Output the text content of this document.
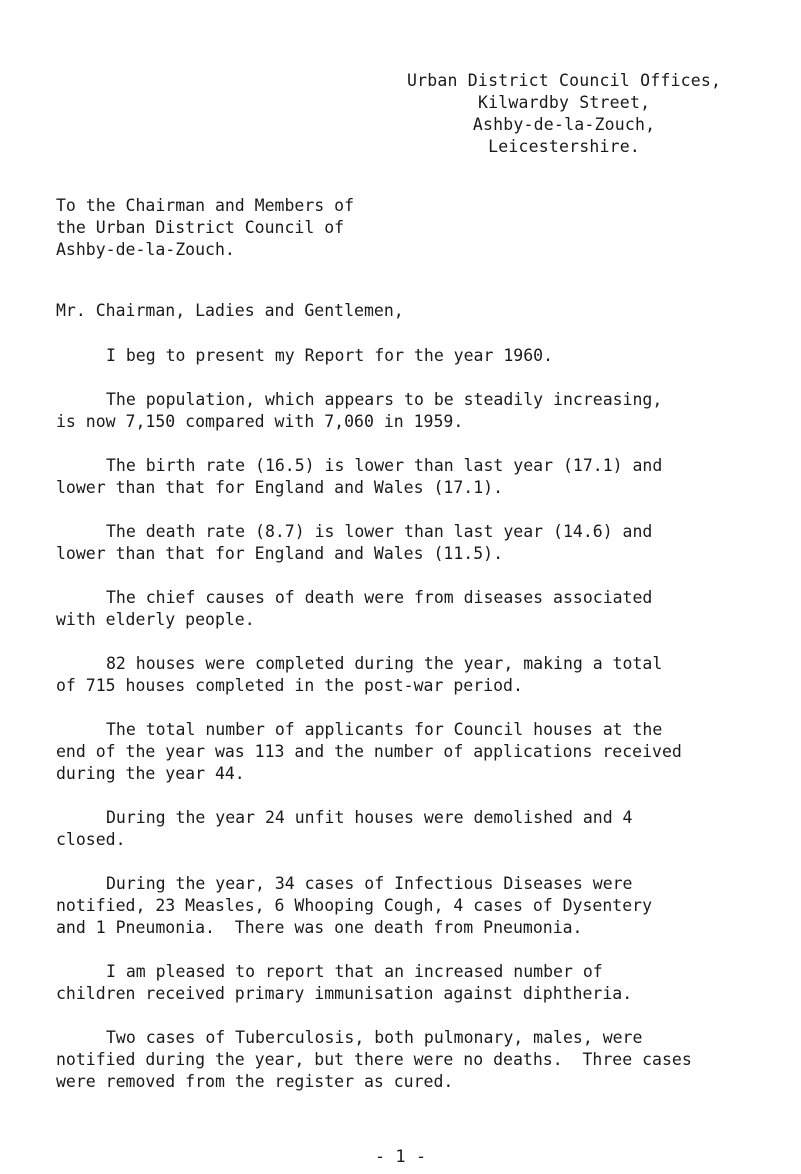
Urban District Council Offices,
Kilwardby Street,
Ashby-de-la-Zouch,
Leicestershire.
To the Chairman and Members of
the Urban District Council of
Ashby-de-la-Zouch.
Mr. Chairman, Ladies and Gentlemen,
I beg to present my Report for the year 1960.
The population, which appears to be steadily increasing,
is now 7,150 compared with 7,060 in 1959.
The birth rate (16.5) is lower than last year (17.1) and
lower than that for England and Wales (17.1).
The death rate (8.7) is lower than last year (14.6) and
lower than that for England and Wales (11.5).
The chief causes of death were from diseases associated
with elderly people.
82 houses were completed during the year, making a total
of 715 houses completed in the post-war period.
The total number of applicants for Council houses at the
end of the year was 113 and the number of applications received
during the year 44.
During the year 24 unfit houses were demolished and 4
closed.
During the year, 34 cases of Infectious Diseases were
notified, 23 Measles, 6 Whooping Cough, 4 cases of Dysentery
and 1 Pneumonia.  There was one death from Pneumonia.
I am pleased to report that an increased number of
children received primary immunisation against diphtheria.
Two cases of Tuberculosis, both pulmonary, males, were
notified during the year, but there were no deaths.  Three cases
were removed from the register as cured.
- 1 -
